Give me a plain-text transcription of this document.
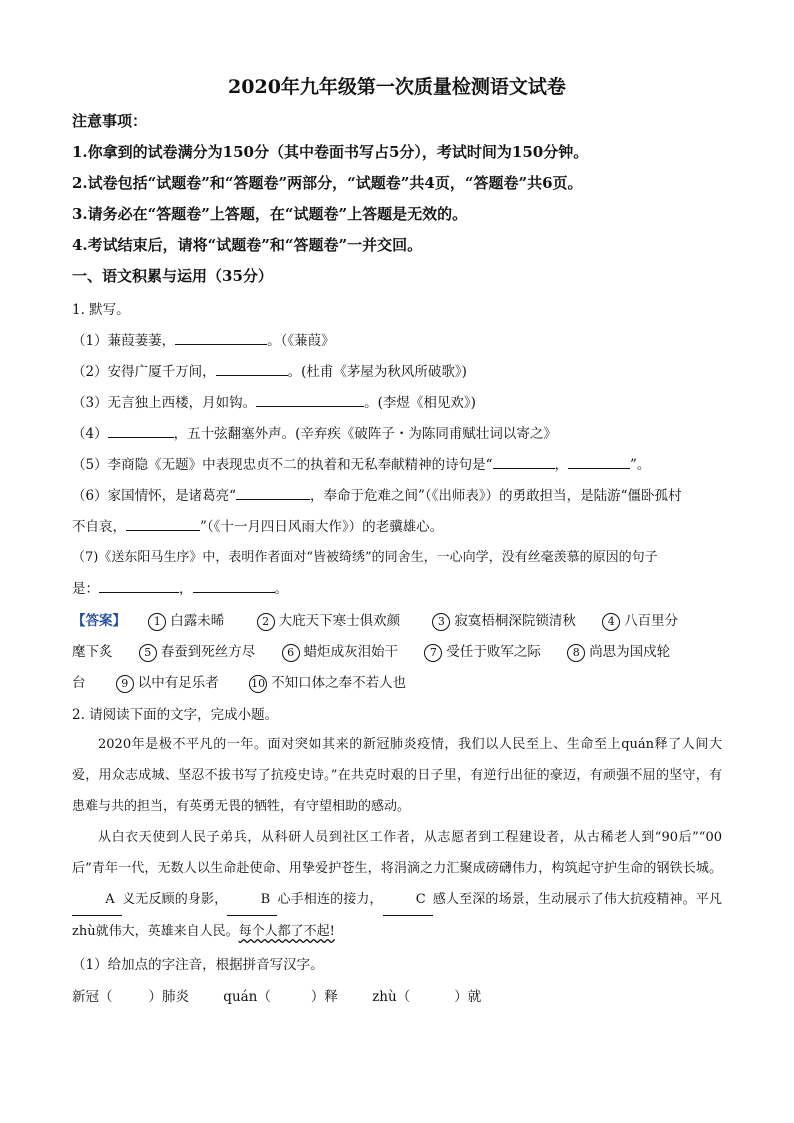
2020年九年级第一次质量检测语文试卷
注意事项：
1.你拿到的试卷满分为150分（其中卷面书写占5分），考试时间为150分钟。
2.试卷包括“试题卷”和“答题卷”两部分，“试题卷”共4页，“答题卷”共6页。
3.请务必在“答题卷”上答题，在“试题卷”上答题是无效的。
4.考试结束后，请将“试题卷”和“答题卷”一并交回。
一、语文积累与运用（35分）
1. 默写。
（1）蒹葭萋萋，	。（《蒹葭》
（2）安得广厦千万间，	。(杜甫《茅屋为秋风所破歌》)
（3）无言独上西楼，月如钩。	。(李煜《相见欢》)
（4）	，五十弦翻塞外声。(辛弃疾《破阵子・为陈同甫赋壮词以寄之》
（5）李商隐《无题》中表现忠贞不二的执着和无私奉献精神的诗句是“	，	”。
（6）家国情怀，是诸葛亮“	，奉命于危难之间”（《出师表》）的勇敢担当，是陆游“僵卧孤村
不自哀，	”（《十一月四日风雨大作》）的老骥雄心。
（7)《送东阳马生序》中，表明作者面对“皆被绮绣”的同舍生，一心向学，没有丝毫羡慕的原因的句子
是：	，	。
【答案】	1 白露未晞	2 大庇天下寒士俱欢颜	3 寂寞梧桐深院锁清秋	4 八百里分
麾下炙	5 春蚕到死丝方尽	6 蜡炬成灰泪始干	7 受任于败军之际	8 尚思为国戍轮
台	9 以中有足乐者	10 不知口体之奉不若人也
2. 请阅读下面的文字，完成小题。

2020年是极不平凡的一年。面对突如其来的新冠肺炎疫情，我们以人民至上、生命至上quán释了人间大爱，用众志成城、坚忍不拔书写了抗疫史诗。”在共克时艰的日子里，有逆行出征的豪迈，有顽强不屈的坚守，有患难与共的担当，有英勇无畏的牺牲，有守望相助的感动。

从白衣天使到人民子弟兵，从科研人员到社区工作者，从志愿者到工程建设者，从古稀老人到“90后”“00后”青年一代，无数人以生命赴使命、用挚爱护苍生，将涓滴之力汇聚成磅礴伟力，构筑起守护生命的钢铁长城。A 义无反顾的身影，	B 心手相连的接力，	C 感人至深的场景，生动展示了伟大抗疫精神。平凡zhù就伟大，英雄来自人民。每个人都了不起!

（1）给加点的字注音，根据拼音写汉字。
新冠（	）肺炎	quán（	）释	zhù（	）就
